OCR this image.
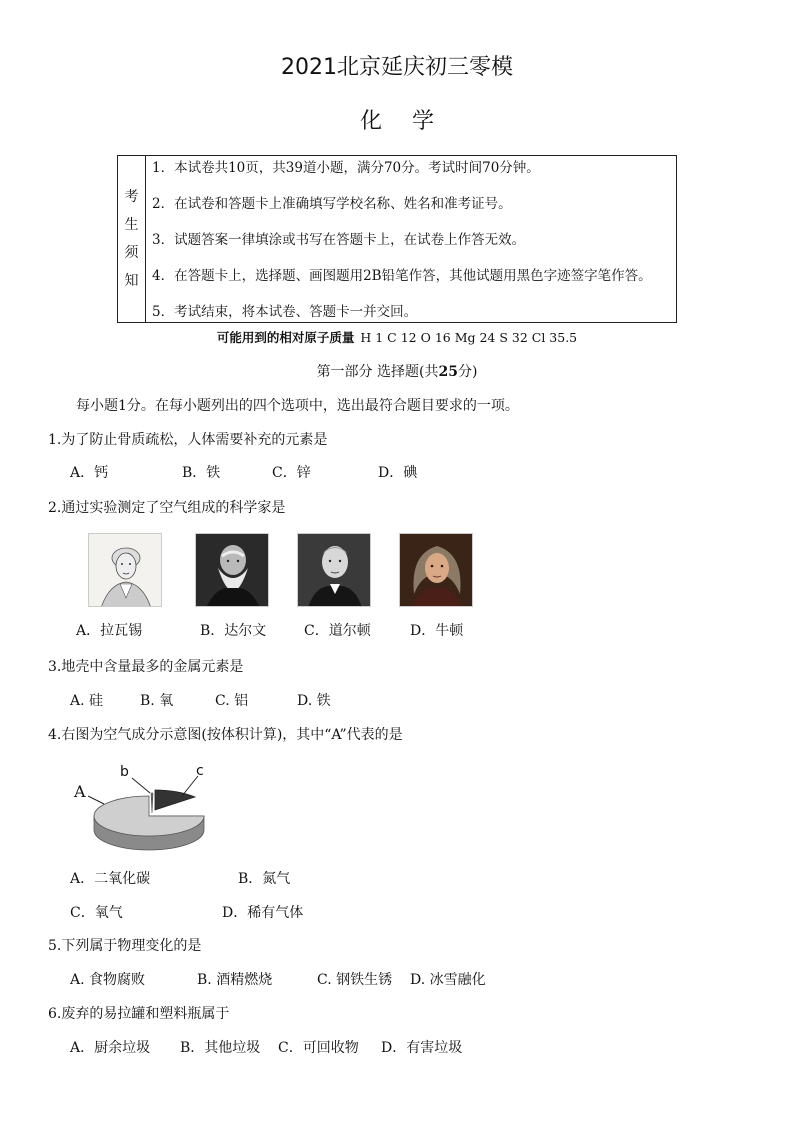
2021北京延庆初三零模
化学
考
生
须
知
1．本试卷共10页，共39道小题，满分70分。考试时间70分钟。
2．在试卷和答题卡上准确填写学校名称、姓名和准考证号。
3．试题答案一律填涂或书写在答题卡上，在试卷上作答无效。
4．在答题卡上，选择题、画图题用2B铅笔作答，其他试题用黑色字迹签字笔作答。
5．考试结束，将本试卷、答题卡一并交回。
可能用到的相对原子质量 H 1 C 12 O 16 Mg 24 S 32 Cl 35.5
第一部分 选择题(共25分)
每小题1分。在每小题列出的四个选项中，选出最符合题目要求的一项。
1.为了防止骨质疏松，人体需要补充的元素是
A．钙	B．铁	C．锌	D．碘
2.通过实验测定了空气组成的科学家是
A．拉瓦锡	B．达尔文	C．道尔顿	D．牛顿
3.地壳中含量最多的金属元素是
A. 硅	B. 氧	C. 铝	D. 铁
4.右图为空气成分示意图(按体积计算)，其中“A”代表的是
A
b	c
A．二氧化碳	B．氮气
C．氧气	D．稀有气体
5.下列属于物理变化的是
A. 食物腐败	B. 酒精燃烧	C. 钢铁生锈 D. 冰雪融化
6.废弃的易拉罐和塑料瓶属于
A．厨余垃圾 B．其他垃圾 C．可回收物 D．有害垃圾
